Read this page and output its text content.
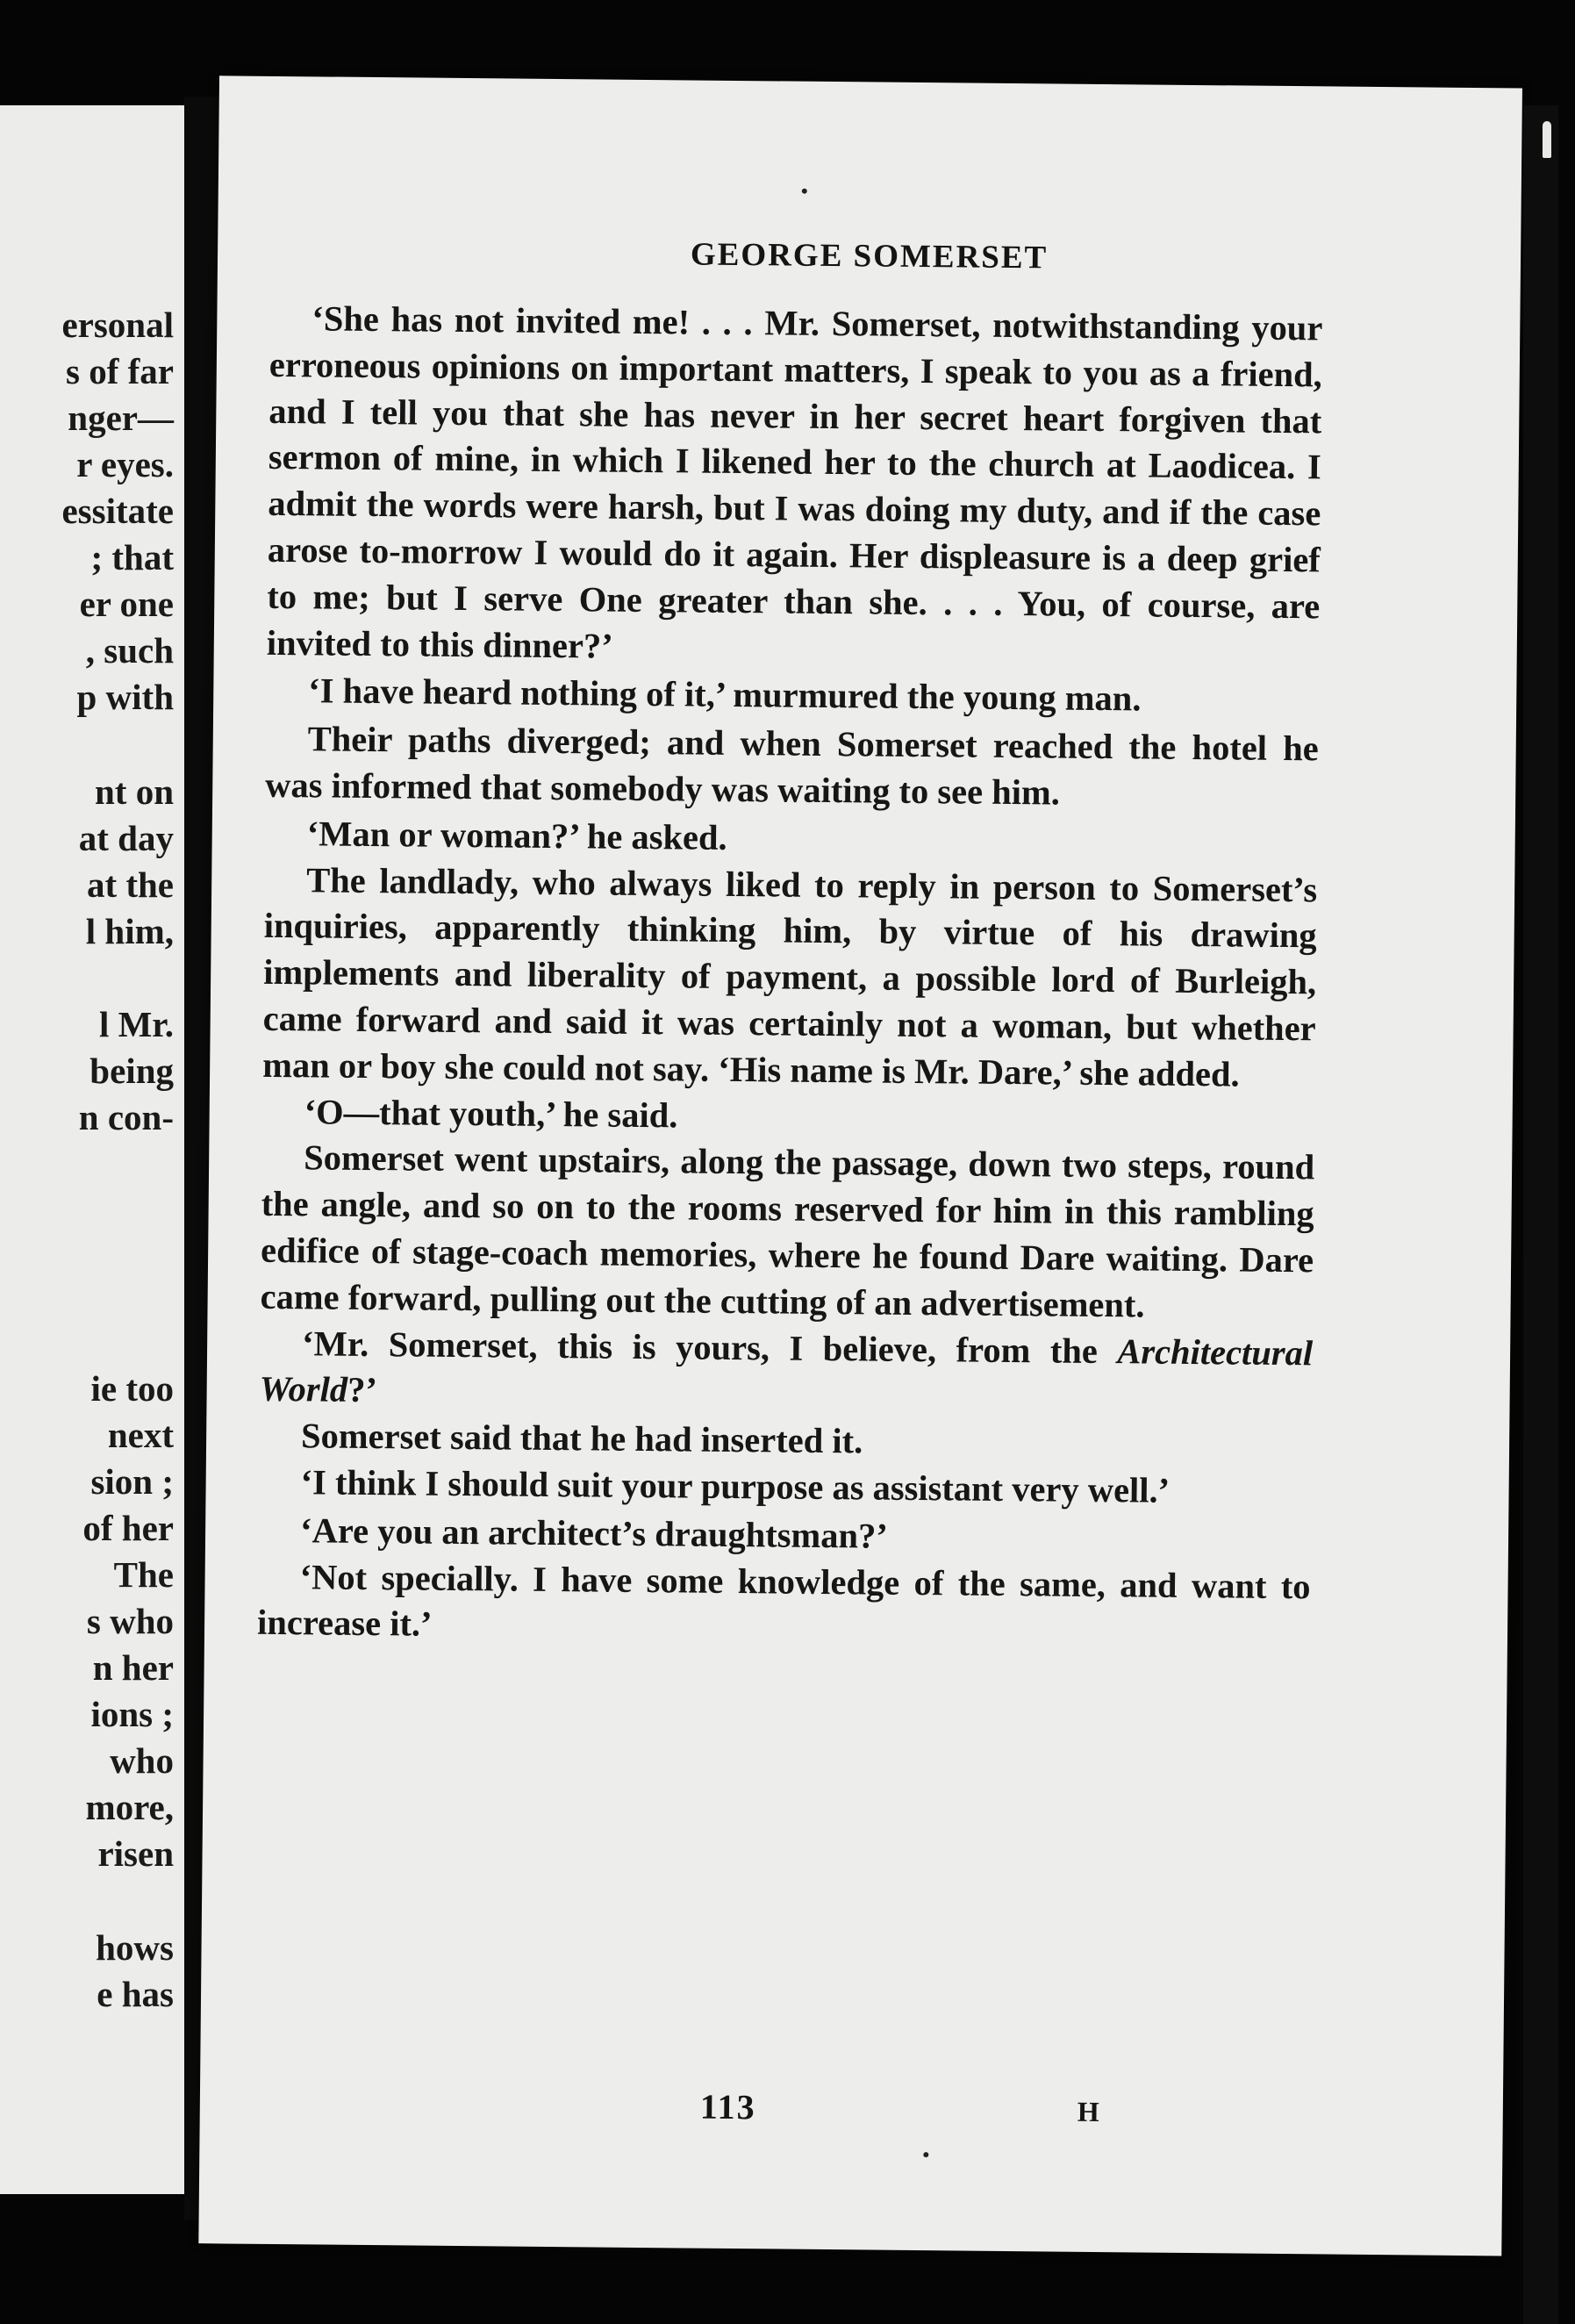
ersonal
s of far
nger—
r eyes.
essitate
; that
er one
, such
p with
nt on
at day
at the
l him,
l Mr.
being
n con-
ie too
next
sion ;
of her
The
s who
n her
ions ;
who
more,
risen
hows
e has
GEORGE SOMERSET

‘She has not invited me! . . . Mr. Somerset, notwithstanding your erroneous opinions on important matters, I speak to you as a friend, and I tell you that she has never in her secret heart forgiven that sermon of mine, in which I likened her to the church at Laodicea. I admit the words were harsh, but I was doing my duty, and if the case arose to-morrow I would do it again. Her displeasure is a deep grief to me; but I serve One greater than she. . . . You, of course, are invited to this dinner?’

‘I have heard nothing of it,’ murmured the young man.

Their paths diverged; and when Somerset reached the hotel he was informed that somebody was waiting to see him.

‘Man or woman?’ he asked.

The landlady, who always liked to reply in person to Somerset’s inquiries, apparently thinking him, by virtue of his drawing implements and liberality of payment, a possible lord of Burleigh, came forward and said it was certainly not a woman, but whether man or boy she could not say. ‘His name is Mr. Dare,’ she added.

‘O—that youth,’ he said.

Somerset went upstairs, along the passage, down two steps, round the angle, and so on to the rooms reserved for him in this rambling edifice of stage-coach memories, where he found Dare waiting. Dare came forward, pulling out the cutting of an advertisement.

‘Mr. Somerset, this is yours, I believe, from the Architectural World?’

Somerset said that he had inserted it.

‘I think I should suit your purpose as assistant very well.’

‘Are you an architect’s draughtsman?’

‘Not specially. I have some knowledge of the same, and want to increase it.’

113	H
